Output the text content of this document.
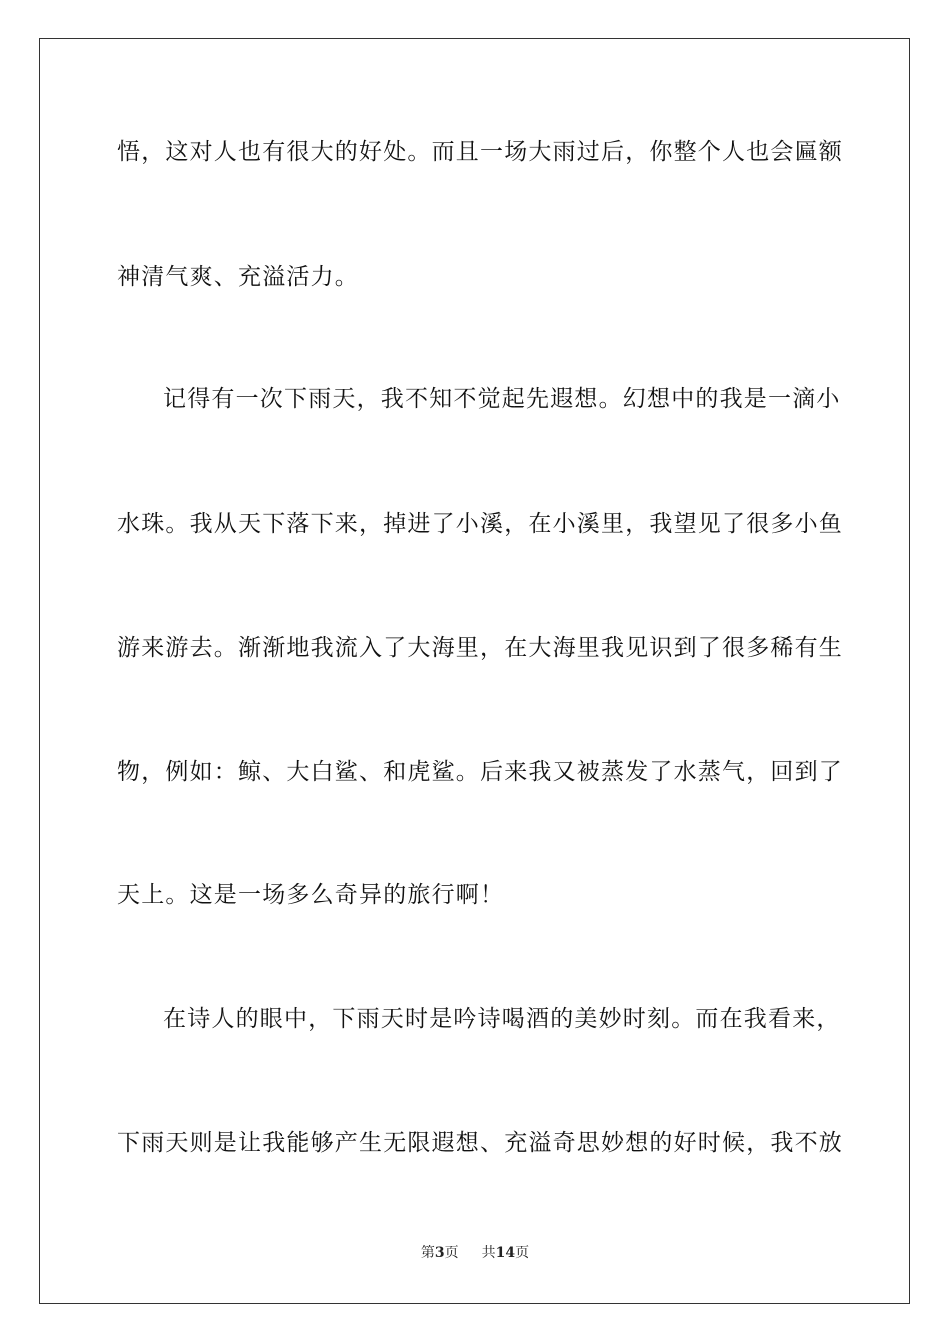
悟，这对人也有很大的好处。而且一场大雨过后，你整个人也会匾额
神清气爽、充溢活力。
记得有一次下雨天，我不知不觉起先遐想。幻想中的我是一滴小
水珠。我从天下落下来，掉进了小溪，在小溪里，我望见了很多小鱼
游来游去。渐渐地我流入了大海里，在大海里我见识到了很多稀有生
物，例如：鲸、大白鲨、和虎鲨。后来我又被蒸发了水蒸气，回到了
天上。这是一场多么奇异的旅行啊！
在诗人的眼中，下雨天时是吟诗喝酒的美妙时刻。而在我看来，
下雨天则是让我能够产生无限遐想、充溢奇思妙想的好时候，我不放
第3页 共14页
